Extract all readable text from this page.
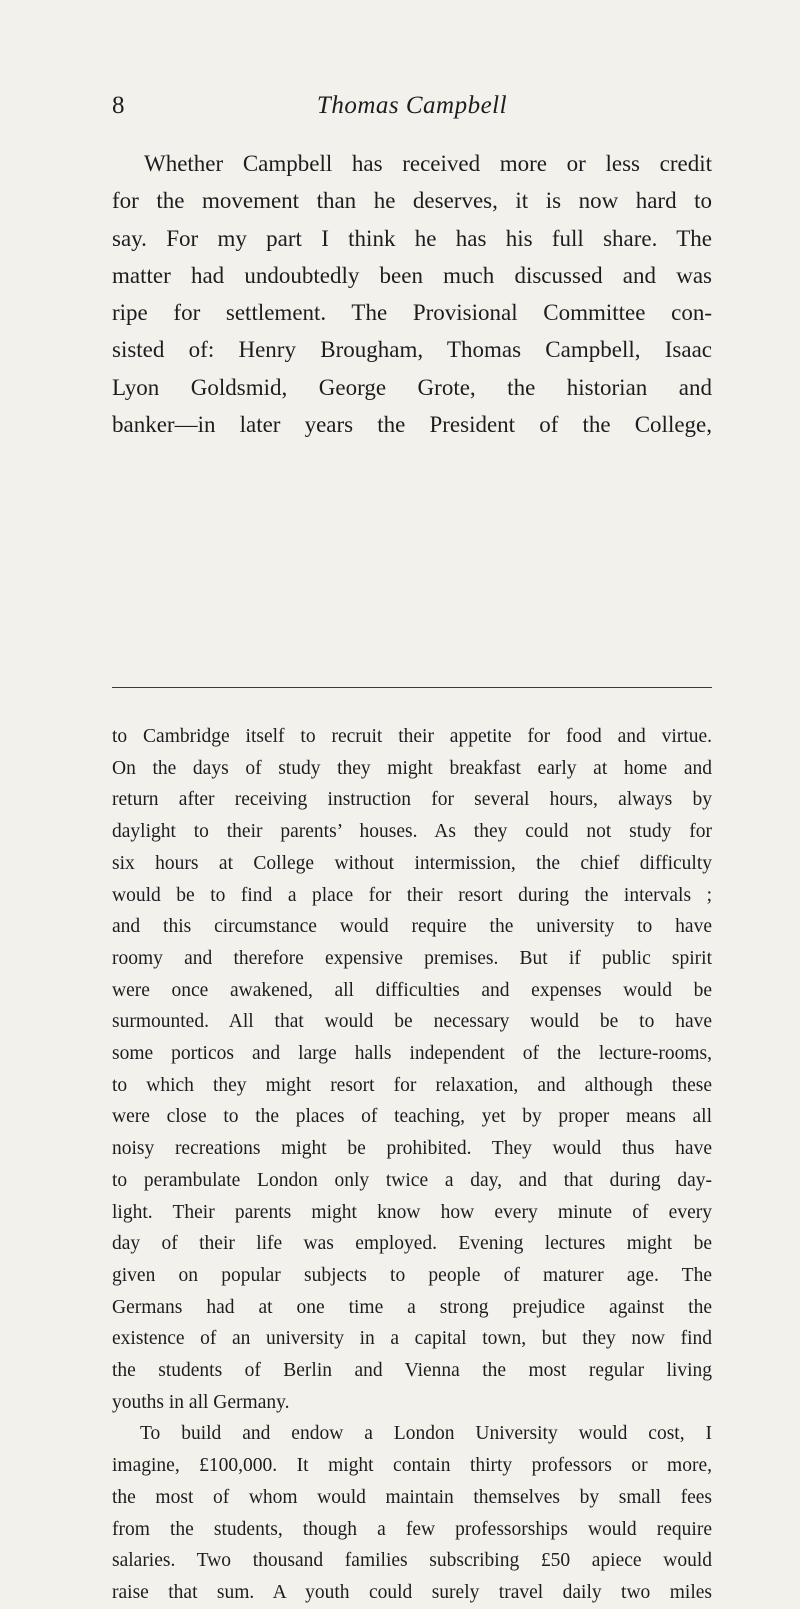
8	Thomas Campbell
Whether Campbell has received more or less credit
for the movement than he deserves, it is now hard to
say. For my part I think he has his full share. The
matter had undoubtedly been much discussed and was
ripe for settlement. The Provisional Committee con-
sisted of: Henry Brougham, Thomas Campbell, Isaac
Lyon Goldsmid, George Grote, the historian and
banker—in later years the President of the College,
to Cambridge itself to recruit their appetite for food and virtue.
On the days of study they might breakfast early at home and
return after receiving instruction for several hours, always by
daylight to their parents’ houses. As they could not study for
six hours at College without intermission, the chief difficulty
would be to find a place for their resort during the intervals ;
and this circumstance would require the university to have
roomy and therefore expensive premises. But if public spirit
were once awakened, all difficulties and expenses would be
surmounted. All that would be necessary would be to have
some porticos and large halls independent of the lecture-rooms,
to which they might resort for relaxation, and although these
were close to the places of teaching, yet by proper means all
noisy recreations might be prohibited. They would thus have
to perambulate London only twice a day, and that during day-
light. Their parents might know how every minute of every
day of their life was employed. Evening lectures might be
given on popular subjects to people of maturer age. The
Germans had at one time a strong prejudice against the
existence of an university in a capital town, but they now find
the students of Berlin and Vienna the most regular living
youths in all Germany.
To build and endow a London University would cost, I
imagine, £100,000. It might contain thirty professors or more,
the most of whom would maintain themselves by small fees
from the students, though a few professorships would require
salaries. Two thousand families subscribing £50 apiece would
raise that sum. A youth could surely travel daily two miles
